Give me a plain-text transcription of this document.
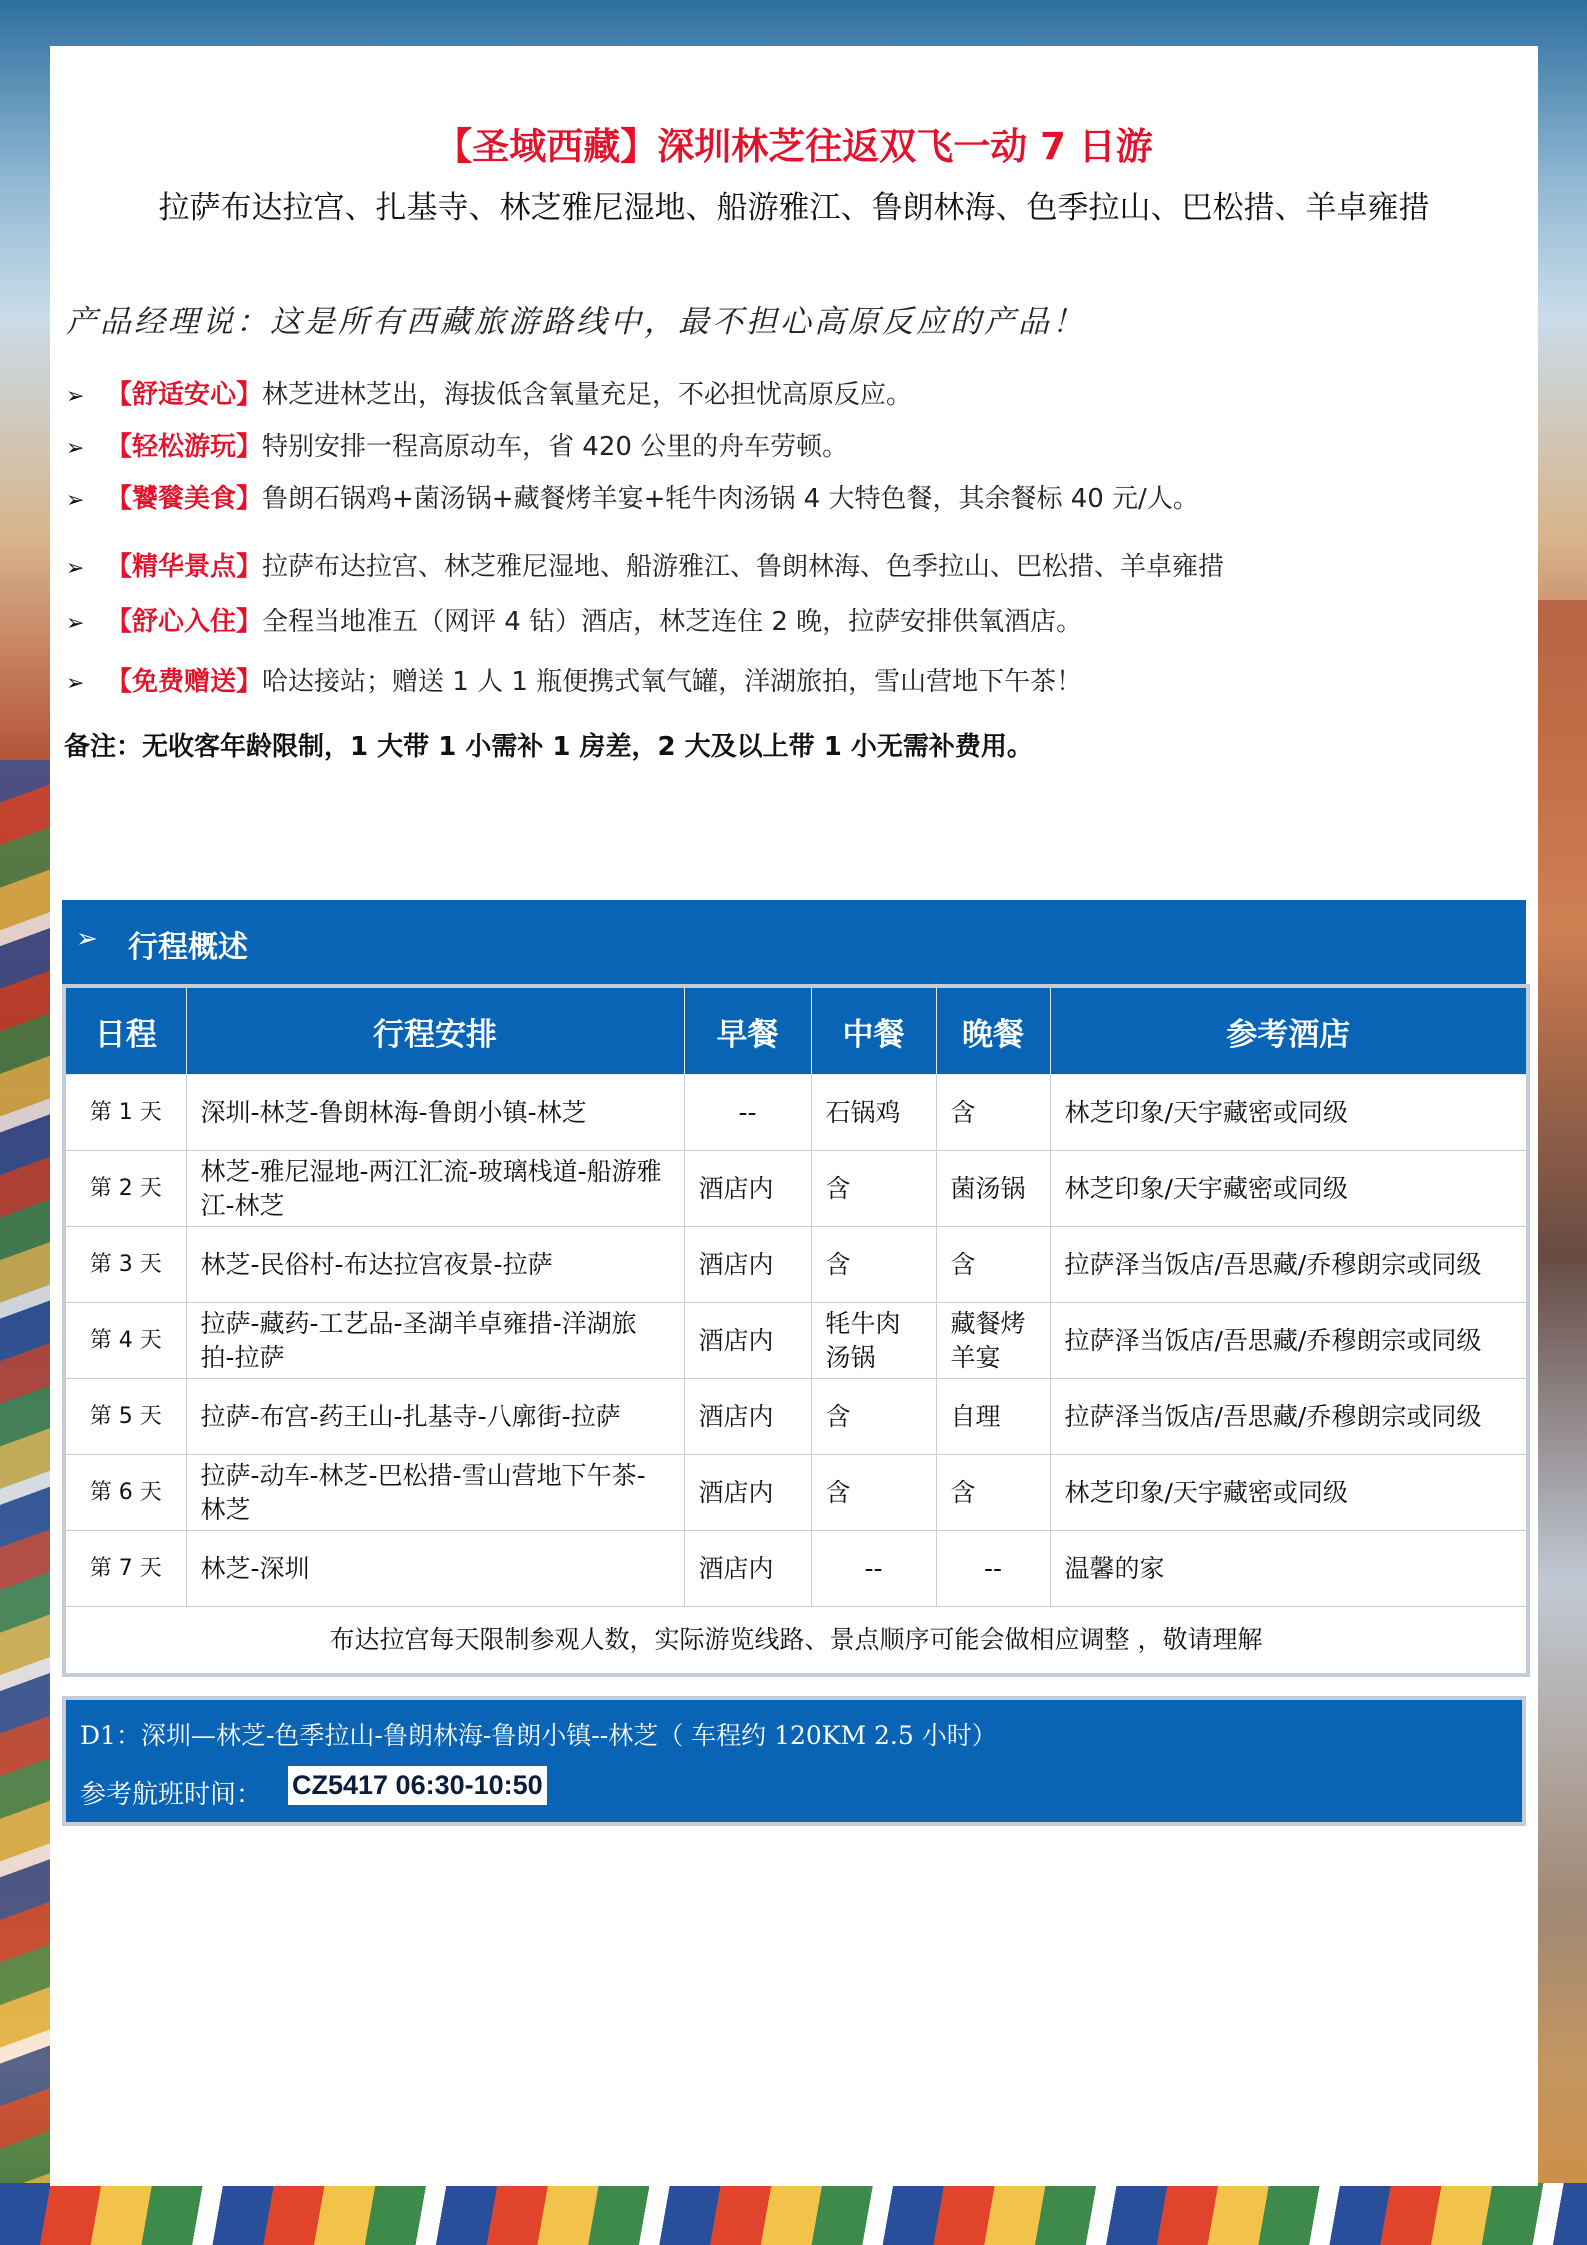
【圣域西藏】深圳林芝往返双飞一动 7 日游
拉萨布达拉宫、扎基寺、林芝雅尼湿地、船游雅江、鲁朗林海、色季拉山、巴松措、羊卓雍措
产品经理说：这是所有西藏旅游路线中，最不担心高原反应的产品！
➢ 【舒适安心】林芝进林芝出，海拔低含氧量充足，不必担忧高原反应。
➢ 【轻松游玩】特别安排一程高原动车，省 420 公里的舟车劳顿。
➢ 【饕餮美食】鲁朗石锅鸡+菌汤锅+藏餐烤羊宴+牦牛肉汤锅 4 大特色餐，其余餐标 40 元/人。
➢ 【精华景点】拉萨布达拉宫、林芝雅尼湿地、船游雅江、鲁朗林海、色季拉山、巴松措、羊卓雍措
➢ 【舒心入住】全程当地准五（网评 4 钻）酒店，林芝连住 2 晚，拉萨安排供氧酒店。
➢ 【免费赠送】哈达接站；赠送 1 人 1 瓶便携式氧气罐，洋湖旅拍，雪山营地下午茶！
备注：无收客年龄限制，1 大带 1 小需补 1 房差，2 大及以上带 1 小无需补费用。
➢ 行程概述
日程	行程安排	早餐	中餐	晚餐	参考酒店
第 1 天	深圳-林芝-鲁朗林海-鲁朗小镇-林芝	--	石锅鸡	含	林芝印象/天宇藏密或同级
第 2 天	林芝-雅尼湿地-两江汇流-玻璃栈道-船游雅江-林芝	酒店内	含	菌汤锅	林芝印象/天宇藏密或同级
第 3 天	林芝-民俗村-布达拉宫夜景-拉萨	酒店内	含	含	拉萨泽当饭店/吾思藏/乔穆朗宗或同级
第 4 天	拉萨-藏药-工艺品-圣湖羊卓雍措-洋湖旅拍-拉萨	酒店内	牦牛肉汤锅	藏餐烤羊宴	拉萨泽当饭店/吾思藏/乔穆朗宗或同级
第 5 天	拉萨-布宫-药王山-扎基寺-八廓街-拉萨	酒店内	含	自理	拉萨泽当饭店/吾思藏/乔穆朗宗或同级
第 6 天	拉萨-动车-林芝-巴松措-雪山营地下午茶-林芝	酒店内	含	含	林芝印象/天宇藏密或同级
第 7 天	林芝-深圳	酒店内	--	--	温馨的家
布达拉宫每天限制参观人数，实际游览线路、景点顺序可能会做相应调整 ，敬请理解					
D1：深圳—林芝-色季拉山-鲁朗林海-鲁朗小镇--林芝（ 车程约 120KM 2.5 小时）
参考航班时间： CZ5417 06:30-10:50
